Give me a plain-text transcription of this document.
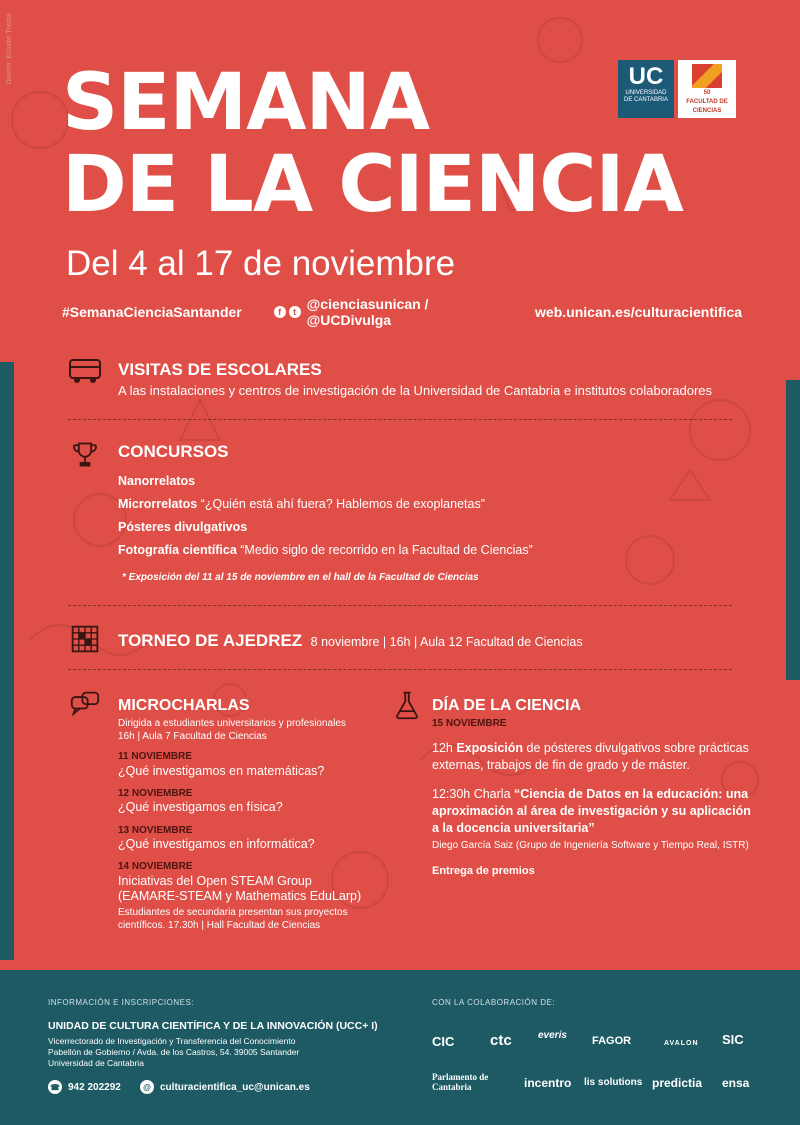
Diseño: Estudio Tresta
SEMANA
DE LA CIENCIA
Del 4 al 17 de noviembre
UC
UNIVERSIDAD
DE CANTABRIA
50
FACULTAD DE
CIENCIAS
#SemanaCienciaSantander	f	t @cienciasunican / @UCDivulga	web.unican.es/culturacientifica
VISITAS DE ESCOLARES
A las instalaciones y centros de investigación de la Universidad de Cantabria e institutos colaboradores
CONCURSOS
Nanorrelatos
Microrrelatos “¿Quién está ahí fuera? Hablemos de exoplanetas”
Pósteres divulgativos
Fotografía científica “Medio siglo de recorrido en la Facultad de Ciencias”
* Exposición del 11 al 15 de noviembre en el hall de la Facultad de Ciencias
TORNEO DE AJEDREZ 8 noviembre | 16h | Aula 12 Facultad de Ciencias
MICROCHARLAS
Dirigida a estudiantes universitarios y profesionales
16h | Aula 7 Facultad de Ciencias
11 NOVIEMBRE
¿Qué investigamos en matemáticas?
12 NOVIEMBRE
¿Qué investigamos en física?
13 NOVIEMBRE
¿Qué investigamos en informática?
14 NOVIEMBRE
Iniciativas del Open STEAM Group
(EAMARE-STEAM y Mathematics EduLarp)
Estudiantes de secundaria presentan sus proyectos
científicos. 17.30h | Hall Facultad de Ciencias
DÍA DE LA CIENCIA
15 NOVIEMBRE
12h Exposición de pósteres divulgativos sobre prácticas
externas, trabajos de fin de grado y de máster.
12:30h Charla “Ciencia de Datos en la educación: una
aproximación al área de investigación y su aplicación
a la docencia universitaria”
Diego García Saiz (Grupo de Ingeniería Software y Tiempo Real, ISTR)
Entrega de premios
INFORMACIÓN E INSCRIPCIONES:
UNIDAD DE CULTURA CIENTÍFICA Y DE LA INNOVACIÓN (UCC+ I)
Vicerrectorado de Investigación y Transferencia del Conocimiento
Pabellón de Gobierno / Avda. de los Castros, 54. 39005 Santander
Universidad de Cantabria
☎ 942 202292	@ culturacientifica_uc@unican.es
CON LA COLABORACIÓN DE:
CIC ctc	everis FAGOR	AVALON SIC
Parlamento de Cantabria	incentro lis solutions predictia ensa
